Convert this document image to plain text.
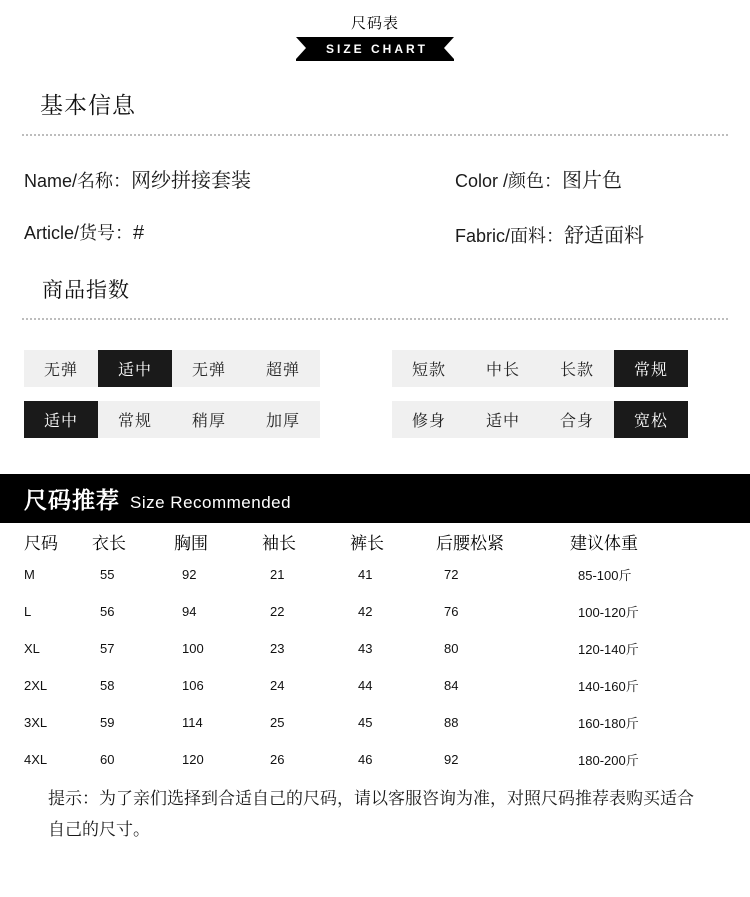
尺码表
SIZE CHART
基本信息
Name/名称：网纱拼接套装	Color /颜色：图片色
Article/货号：#	Fabric/面料：舒适面料
商品指数
无弹	适中	无弹	超弹	短款	中长	长款	常规
适中	常规	稍厚	加厚	修身	适中	合身	宽松
尺码推荐 Size Recommended
尺码	衣长	胸围	袖长	裤长	后腰松紧	建议体重
M	55	92	21	41	72	85-100斤
L	56	94	22	42	76	100-120斤
XL	57	100	23	43	80	120-140斤
2XL	58	106	24	44	84	140-160斤
3XL	59	114	25	45	88	160-180斤
4XL	60	120	26	46	92	180-200斤
提示：为了亲们选择到合适自己的尺码，请以客服咨询为准，对照尺码推荐表购买适合自己的尺寸。
